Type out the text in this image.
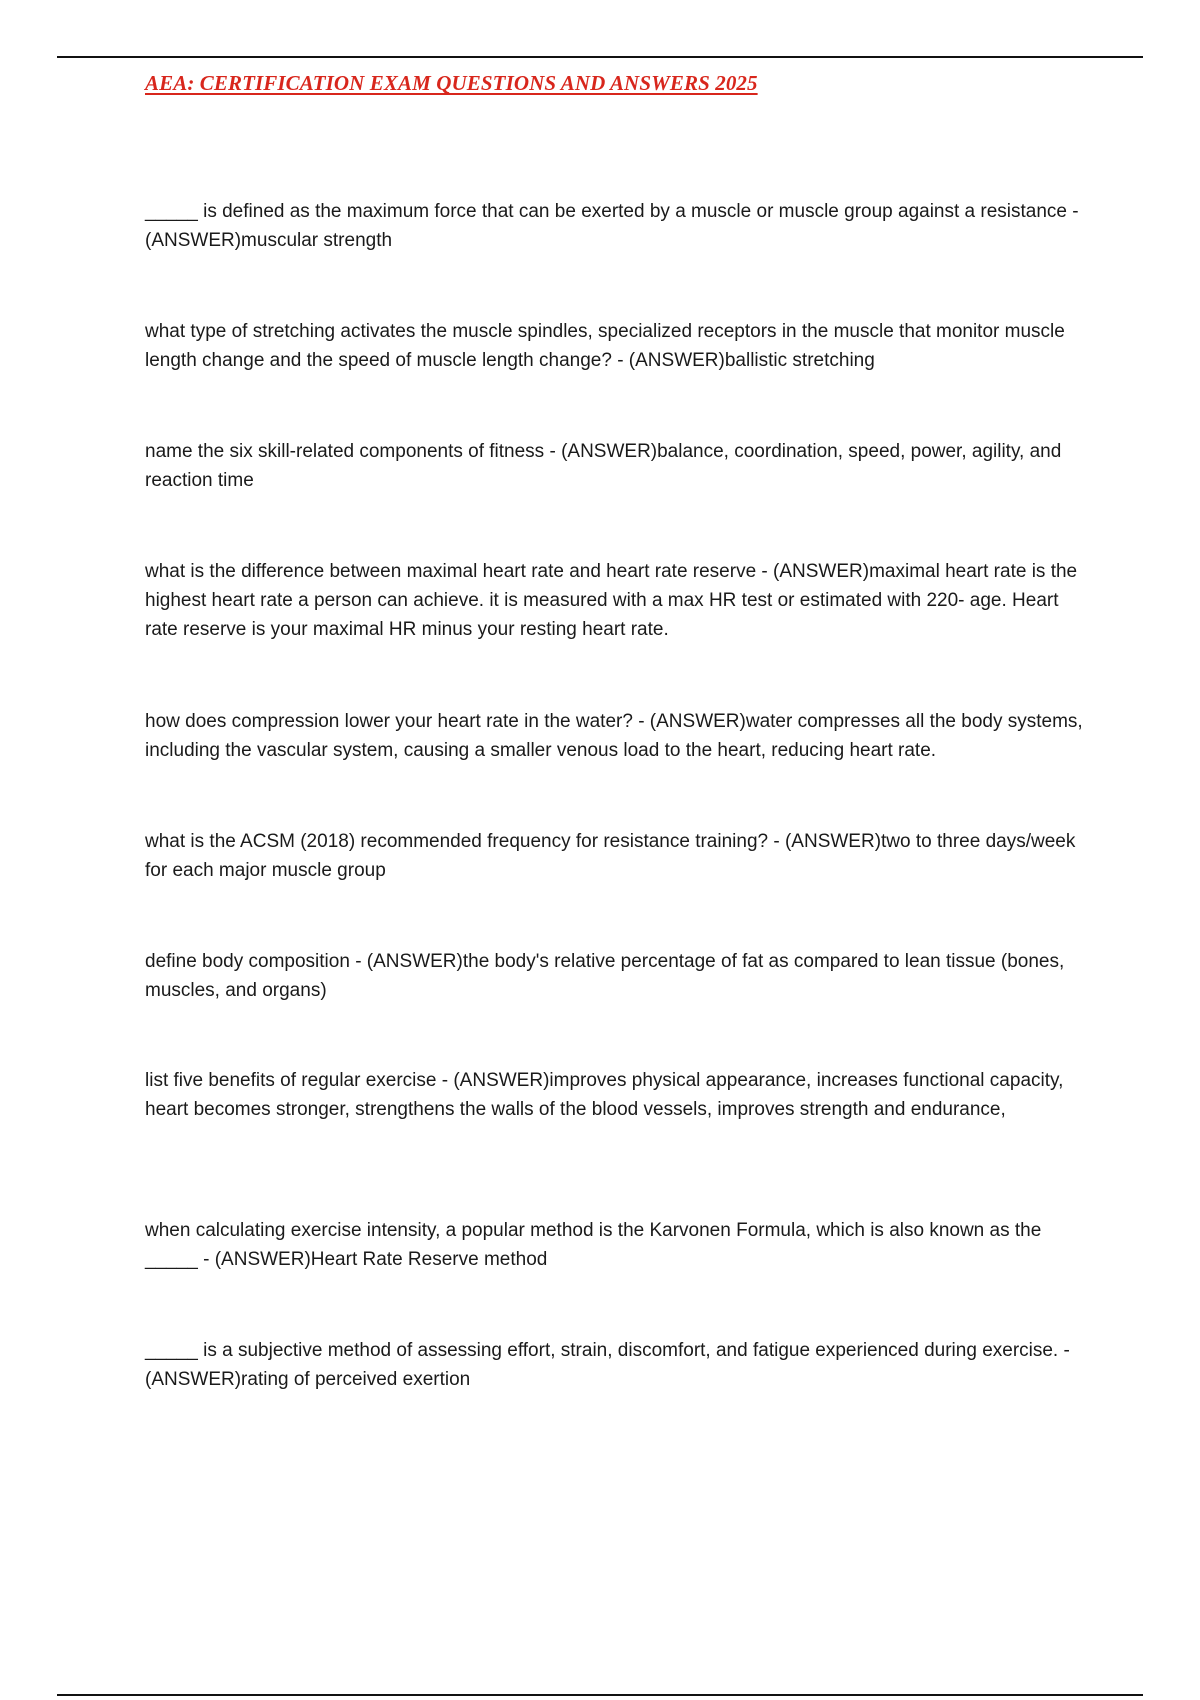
AEA: CERTIFICATION EXAM QUESTIONS AND ANSWERS 2025

_____ is defined as the maximum force that can be exerted by a muscle or muscle group against a resistance - (ANSWER)muscular strength

what type of stretching activates the muscle spindles, specialized receptors in the muscle that monitor muscle length change and the speed of muscle length change? - (ANSWER)ballistic stretching

name the six skill-related components of fitness - (ANSWER)balance, coordination, speed, power, agility, and reaction time

what is the difference between maximal heart rate and heart rate reserve - (ANSWER)maximal heart rate is the highest heart rate a person can achieve. it is measured with a max HR test or estimated with 220- age. Heart rate reserve is your maximal HR minus your resting heart rate.

how does compression lower your heart rate in the water? - (ANSWER)water compresses all the body systems, including the vascular system, causing a smaller venous load to the heart, reducing heart rate.

what is the ACSM (2018) recommended frequency for resistance training? - (ANSWER)two to three days/week for each major muscle group

define body composition - (ANSWER)the body's relative percentage of fat as compared to lean tissue (bones, muscles, and organs)

list five benefits of regular exercise - (ANSWER)improves physical appearance, increases functional capacity, heart becomes stronger, strengthens the walls of the blood vessels, improves strength and endurance,

when calculating exercise intensity, a popular method is the Karvonen Formula, which is also known as the _____ - (ANSWER)Heart Rate Reserve method

_____ is a subjective method of assessing effort, strain, discomfort, and fatigue experienced during exercise. - (ANSWER)rating of perceived exertion
